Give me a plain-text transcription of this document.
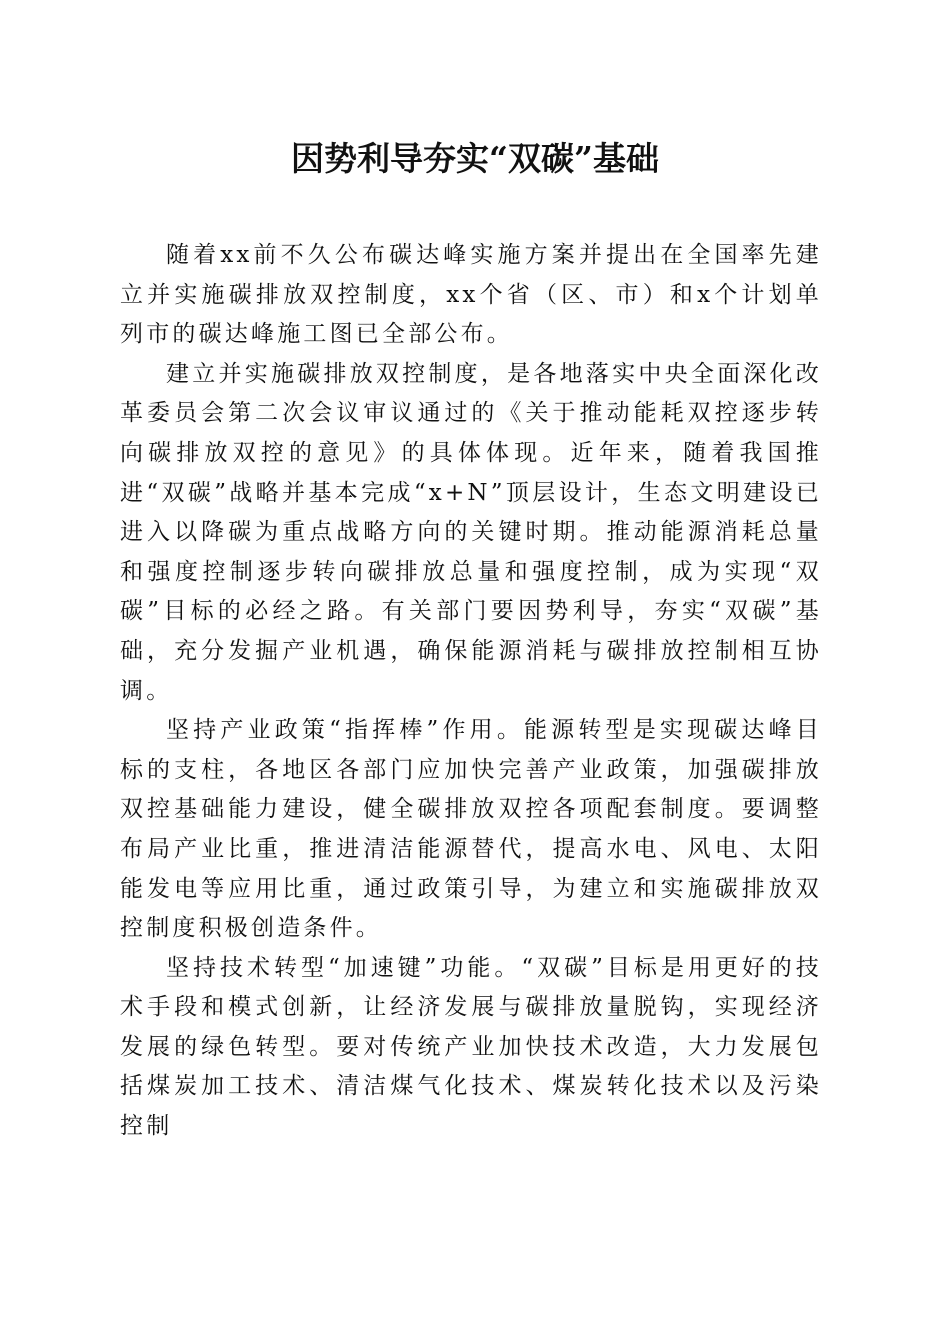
因势利导夯实“双碳”基础

随着xx前不久公布碳达峰实施方案并提出在全国率先建立并实施碳排放双控制度，xx个省（区、市）和x个计划单列市的碳达峰施工图已全部公布。

建立并实施碳排放双控制度，是各地落实中央全面深化改革委员会第二次会议审议通过的《关于推动能耗双控逐步转向碳排放双控的意见》的具体体现。近年来，随着我国推进“双碳”战略并基本完成“x+N”顶层设计，生态文明建设已进入以降碳为重点战略方向的关键时期。推动能源消耗总量和强度控制逐步转向碳排放总量和强度控制，成为实现“双碳”目标的必经之路。有关部门要因势利导，夯实“双碳”基础，充分发掘产业机遇，确保能源消耗与碳排放控制相互协调。

坚持产业政策“指挥棒”作用。能源转型是实现碳达峰目标的支柱，各地区各部门应加快完善产业政策，加强碳排放双控基础能力建设，健全碳排放双控各项配套制度。要调整布局产业比重，推进清洁能源替代，提高水电、风电、太阳能发电等应用比重，通过政策引导，为建立和实施碳排放双控制度积极创造条件。

坚持技术转型“加速键”功能。“双碳”目标是用更好的技术手段和模式创新，让经济发展与碳排放量脱钩，实现经济发展的绿色转型。要对传统产业加快技术改造，大力发展包括煤炭加工技术、清洁煤气化技术、煤炭转化技术以及污染控制
